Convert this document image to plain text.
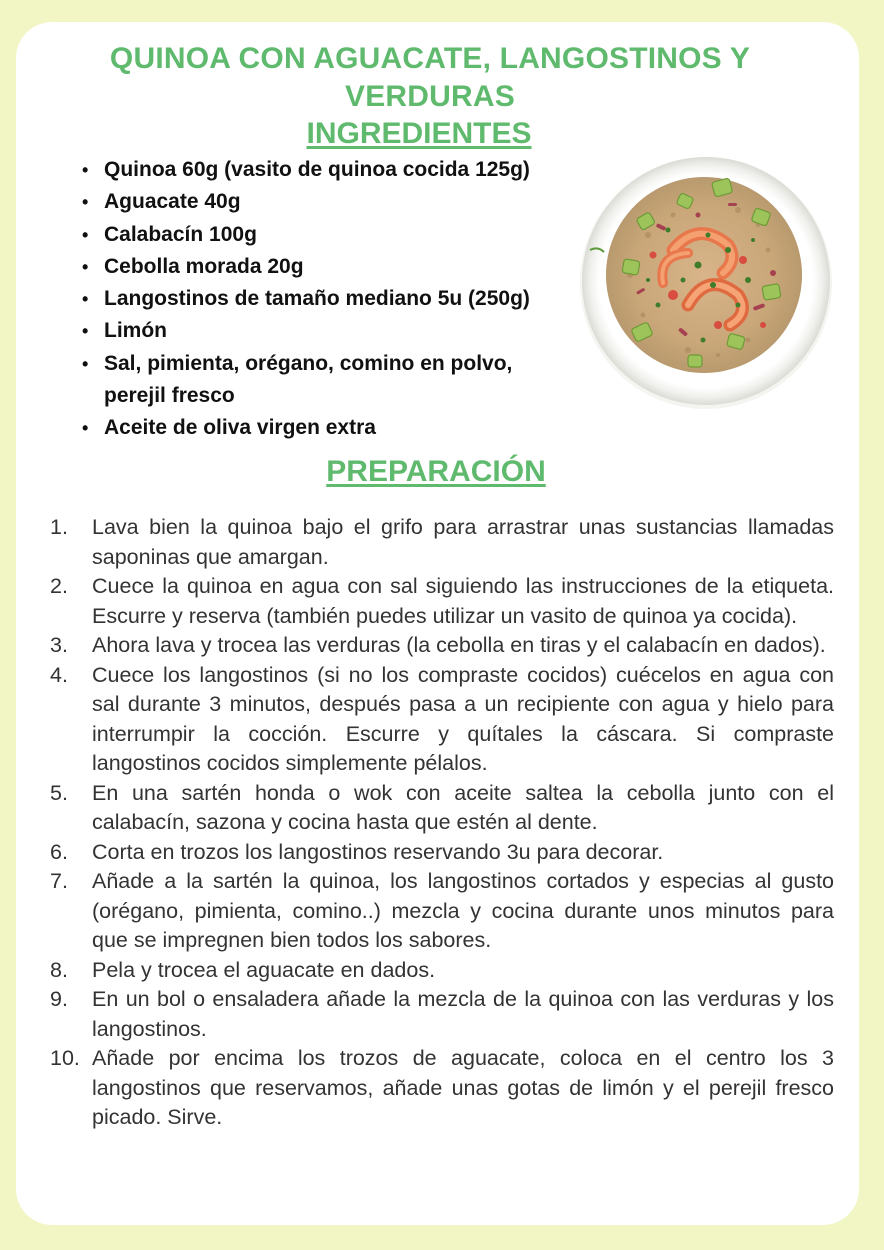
QUINOA CON AGUACATE, LANGOSTINOS Y
VERDURAS
INGREDIENTES
• Quinoa 60g (vasito de quinoa cocida 125g)
• Aguacate 40g
• Calabacín 100g
• Cebolla morada 20g
• Langostinos de tamaño mediano 5u (250g)
• Limón
• Sal, pimienta, orégano, comino en polvo, perejil fresco
• Aceite de oliva virgen extra
PREPARACIÓN
1.	Lava bien la quinoa bajo el grifo para arrastrar unas sustancias llamadas saponinas que amargan.
2.	Cuece la quinoa en agua con sal siguiendo las instrucciones de la etiqueta. Escurre y reserva (también puedes utilizar un vasito de quinoa ya cocida).
3.	Ahora lava y trocea las verduras (la cebolla en tiras y el calabacín en dados).
4.	Cuece los langostinos (si no los compraste cocidos) cuécelos en agua con sal durante 3 minutos, después pasa a un recipiente con agua y hielo para interrumpir la cocción. Escurre y quítales la cáscara. Si compraste langostinos cocidos simplemente pélalos.
5.	En una sartén honda o wok con aceite saltea la cebolla junto con el calabacín, sazona y cocina hasta que estén al dente.
6.	Corta en trozos los langostinos reservando 3u para decorar.
7.	Añade a la sartén la quinoa, los langostinos cortados y especias al gusto (orégano, pimienta, comino..) mezcla y cocina durante unos minutos para que se impregnen bien todos los sabores.
8.	Pela y trocea el aguacate en dados.
9.	En un bol o ensaladera añade la mezcla de la quinoa con las verduras y los langostinos.
10. Añade por encima los trozos de aguacate, coloca en el centro los 3 langostinos que reservamos, añade unas gotas de limón y el perejil fresco picado. Sirve.
